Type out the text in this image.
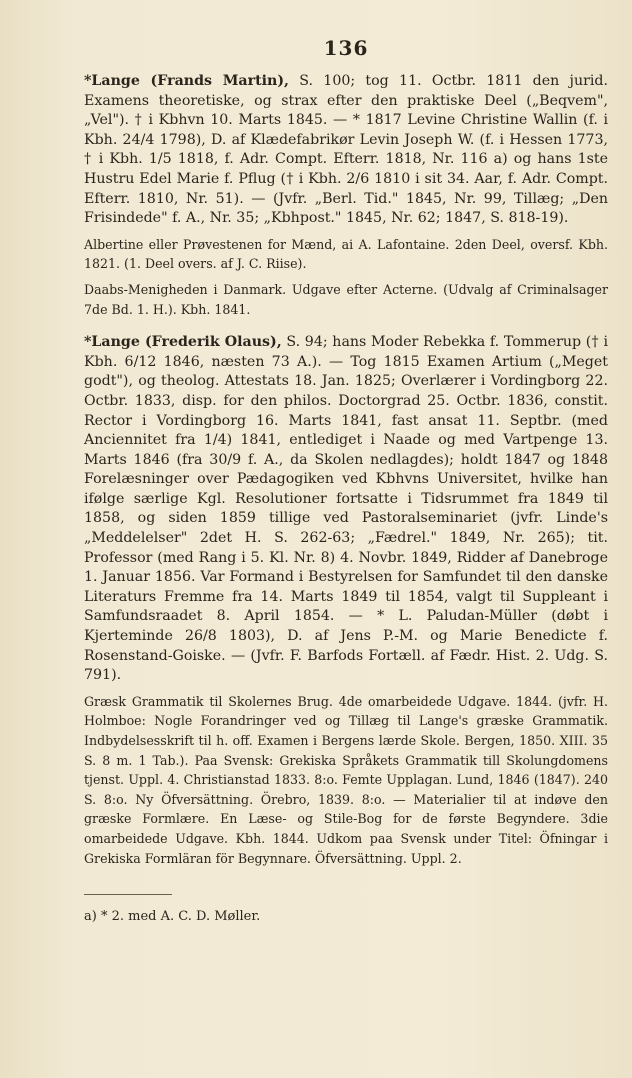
136

*Lange (Frands Martin), S. 100; tog 11. Octbr. 1811 den jurid. Examens theoretiske, og strax efter den praktiske Deel („Beqvem", „Vel"). † i Kbhvn 10. Marts 1845. — * 1817 Levine Christine Wallin (f. i Kbh. 24/4 1798), D. af Klædefabrikør Levin Joseph W. (f. i Hessen 1773, † i Kbh. 1/5 1818, f. Adr. Compt. Efterr. 1818, Nr. 116 a) og hans 1ste Hustru Edel Marie f. Pflug († i Kbh. 2/6 1810 i sit 34. Aar, f. Adr. Compt. Efterr. 1810, Nr. 51). — (Jvfr. „Berl. Tid." 1845, Nr. 99, Tillæg; „Den Frisindede" f. A., Nr. 35; „Kbhpost." 1845, Nr. 62; 1847, S. 818-19).

Albertine eller Prøvestenen for Mænd, ai A. Lafontaine. 2den Deel, oversf. Kbh. 1821. (1. Deel overs. af J. C. Riise).

Daabs-Menigheden i Danmark. Udgave efter Acterne. (Udvalg af Criminalsager 7de Bd. 1. H.). Kbh. 1841.

*Lange (Frederik Olaus), S. 94; hans Moder Rebekka f. Tommerup († i Kbh. 6/12 1846, næsten 73 A.). — Tog 1815 Examen Artium („Meget godt"), og theolog. Attestats 18. Jan. 1825; Overlærer i Vordingborg 22. Octbr. 1833, disp. for den philos. Doctorgrad 25. Octbr. 1836, constit. Rector i Vordingborg 16. Marts 1841, fast ansat 11. Septbr. (med Anciennitet fra 1/4) 1841, entlediget i Naade og med Vartpenge 13. Marts 1846 (fra 30/9 f. A., da Skolen nedlagdes); holdt 1847 og 1848 Forelæsninger over Pædagogiken ved Kbhvns Universitet, hvilke han ifølge særlige Kgl. Resolutioner fortsatte i Tidsrummet fra 1849 til 1858, og siden 1859 tillige ved Pastoralseminariet (jvfr. Linde's „Meddelelser" 2det H. S. 262-63; „Fædrel." 1849, Nr. 265); tit. Professor (med Rang i 5. Kl. Nr. 8) 4. Novbr. 1849, Ridder af Danebroge 1. Januar 1856. Var Formand i Bestyrelsen for Samfundet til den danske Literaturs Fremme fra 14. Marts 1849 til 1854, valgt til Suppleant i Samfundsraadet 8. April 1854. — * L. Paludan-Müller (døbt i Kjerteminde 26/8 1803), D. af Jens P.-M. og Marie Benedicte f. Rosenstand-Goiske. — (Jvfr. F. Barfods Fortæll. af Fædr. Hist. 2. Udg. S. 791).

Græsk Grammatik til Skolernes Brug. 4de omarbeidede Udgave. 1844. (jvfr. H. Holmboe: Nogle Forandringer ved og Tillæg til Lange's græske Grammatik. Indbydelsesskrift til h. off. Examen i Bergens lærde Skole. Bergen, 1850. XIII. 35 S. 8 m. 1 Tab.). Paa Svensk: Grekiska Språkets Grammatik till Skolungdomens tjenst. Uppl. 4. Christianstad 1833. 8:o. Femte Upplagan. Lund, 1846 (1847). 240 S. 8:o. Ny Öfversättning. Örebro, 1839. 8:o. — Materialier til at indøve den græske Formlære. En Læse- og Stile-Bog for de første Begyndere. 3die omarbeidede Udgave. Kbh. 1844. Udkom paa Svensk under Titel: Öfningar i Grekiska Formläran för Begynnare. Öfversättning. Uppl. 2.

a) * 2. med A. C. D. Møller.
